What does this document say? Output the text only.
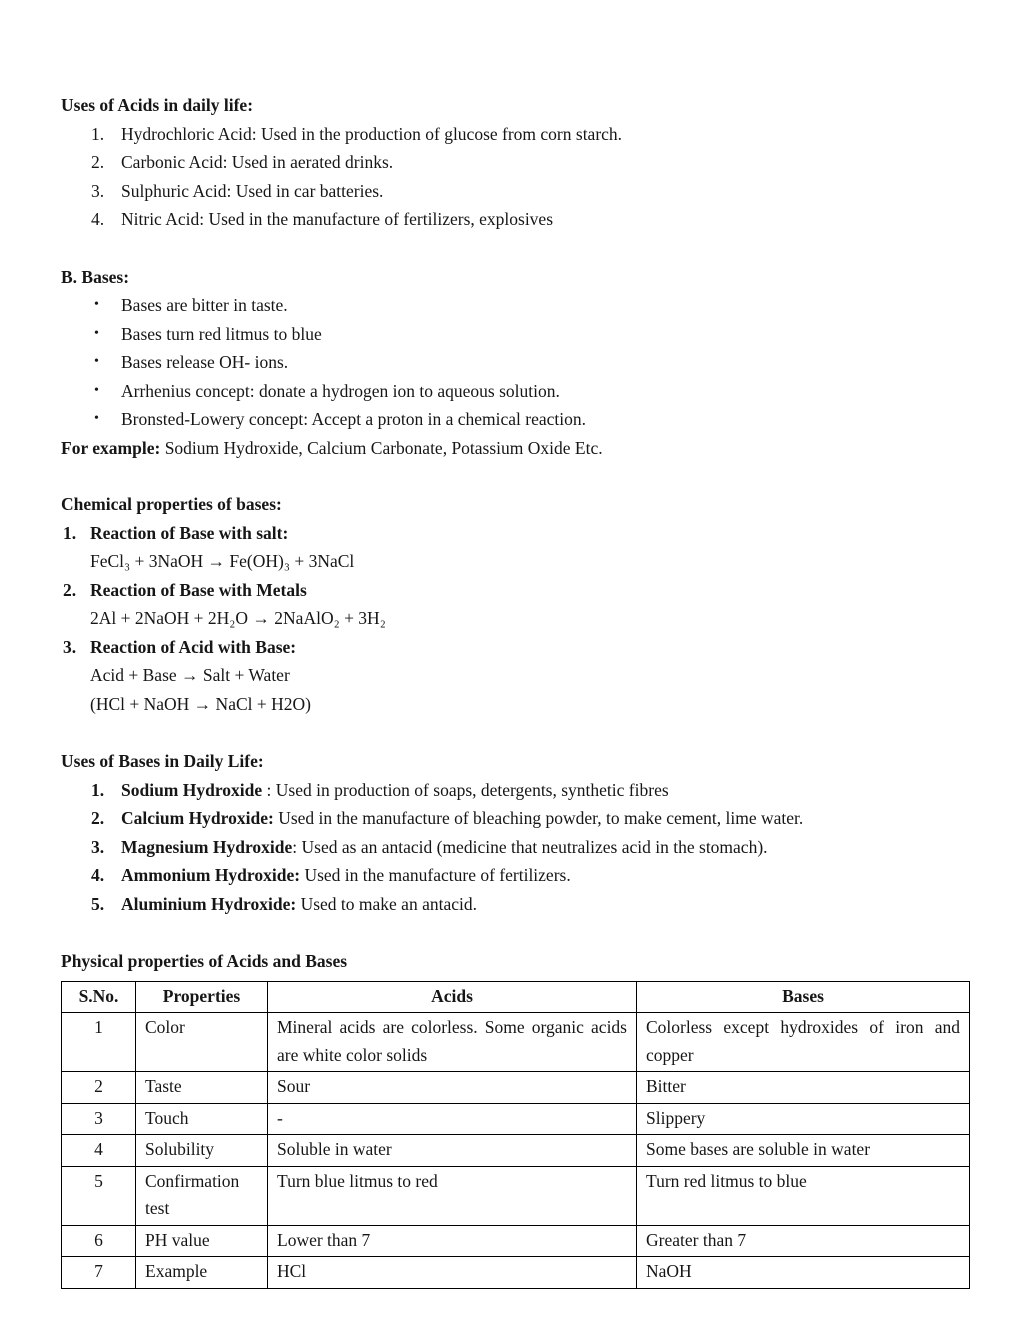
Uses of Acids in daily life:
1. Hydrochloric Acid: Used in the production of glucose from corn starch.
2. Carbonic Acid: Used in aerated drinks.
3. Sulphuric Acid: Used in car batteries.
4. Nitric Acid: Used in the manufacture of fertilizers, explosives
B. Bases:
•	Bases are bitter in taste.
•	Bases turn red litmus to blue
•	Bases release OH- ions.
•	Arrhenius concept: donate a hydrogen ion to aqueous solution.
•	Bronsted-Lowery concept: Accept a proton in a chemical reaction.
For example: Sodium Hydroxide, Calcium Carbonate, Potassium Oxide Etc.
Chemical properties of bases:
1. Reaction of Base with salt:
FeCl₃ + 3NaOH → Fe(OH)₃ + 3NaCl
2. Reaction of Base with Metals
2Al + 2NaOH + 2H₂O → 2NaAlO₂ + 3H₂
3. Reaction of Acid with Base:
Acid + Base → Salt + Water
(HCl + NaOH → NaCl + H2O)
Uses of Bases in Daily Life:
1. Sodium Hydroxide : Used in production of soaps, detergents, synthetic fibres
2. Calcium Hydroxide: Used in the manufacture of bleaching powder, to make cement, lime water.
3. Magnesium Hydroxide: Used as an antacid (medicine that neutralizes acid in the stomach).
4. Ammonium Hydroxide: Used in the manufacture of fertilizers.
5. Aluminium Hydroxide: Used to make an antacid.
Physical properties of Acids and Bases
S.No.	Properties	Acids	Bases
1	Color	Mineral acids are colorless. Some organic acids are white color solids	Colorless except hydroxides of iron and copper
2	Taste	Sour	Bitter
3	Touch	-	Slippery
4	Solubility	Soluble in water	Some bases are soluble in water
5	Confirmation test	Turn blue litmus to red	Turn red litmus to blue
6	PH value	Lower than 7	Greater than 7
7	Example	HCl	NaOH
